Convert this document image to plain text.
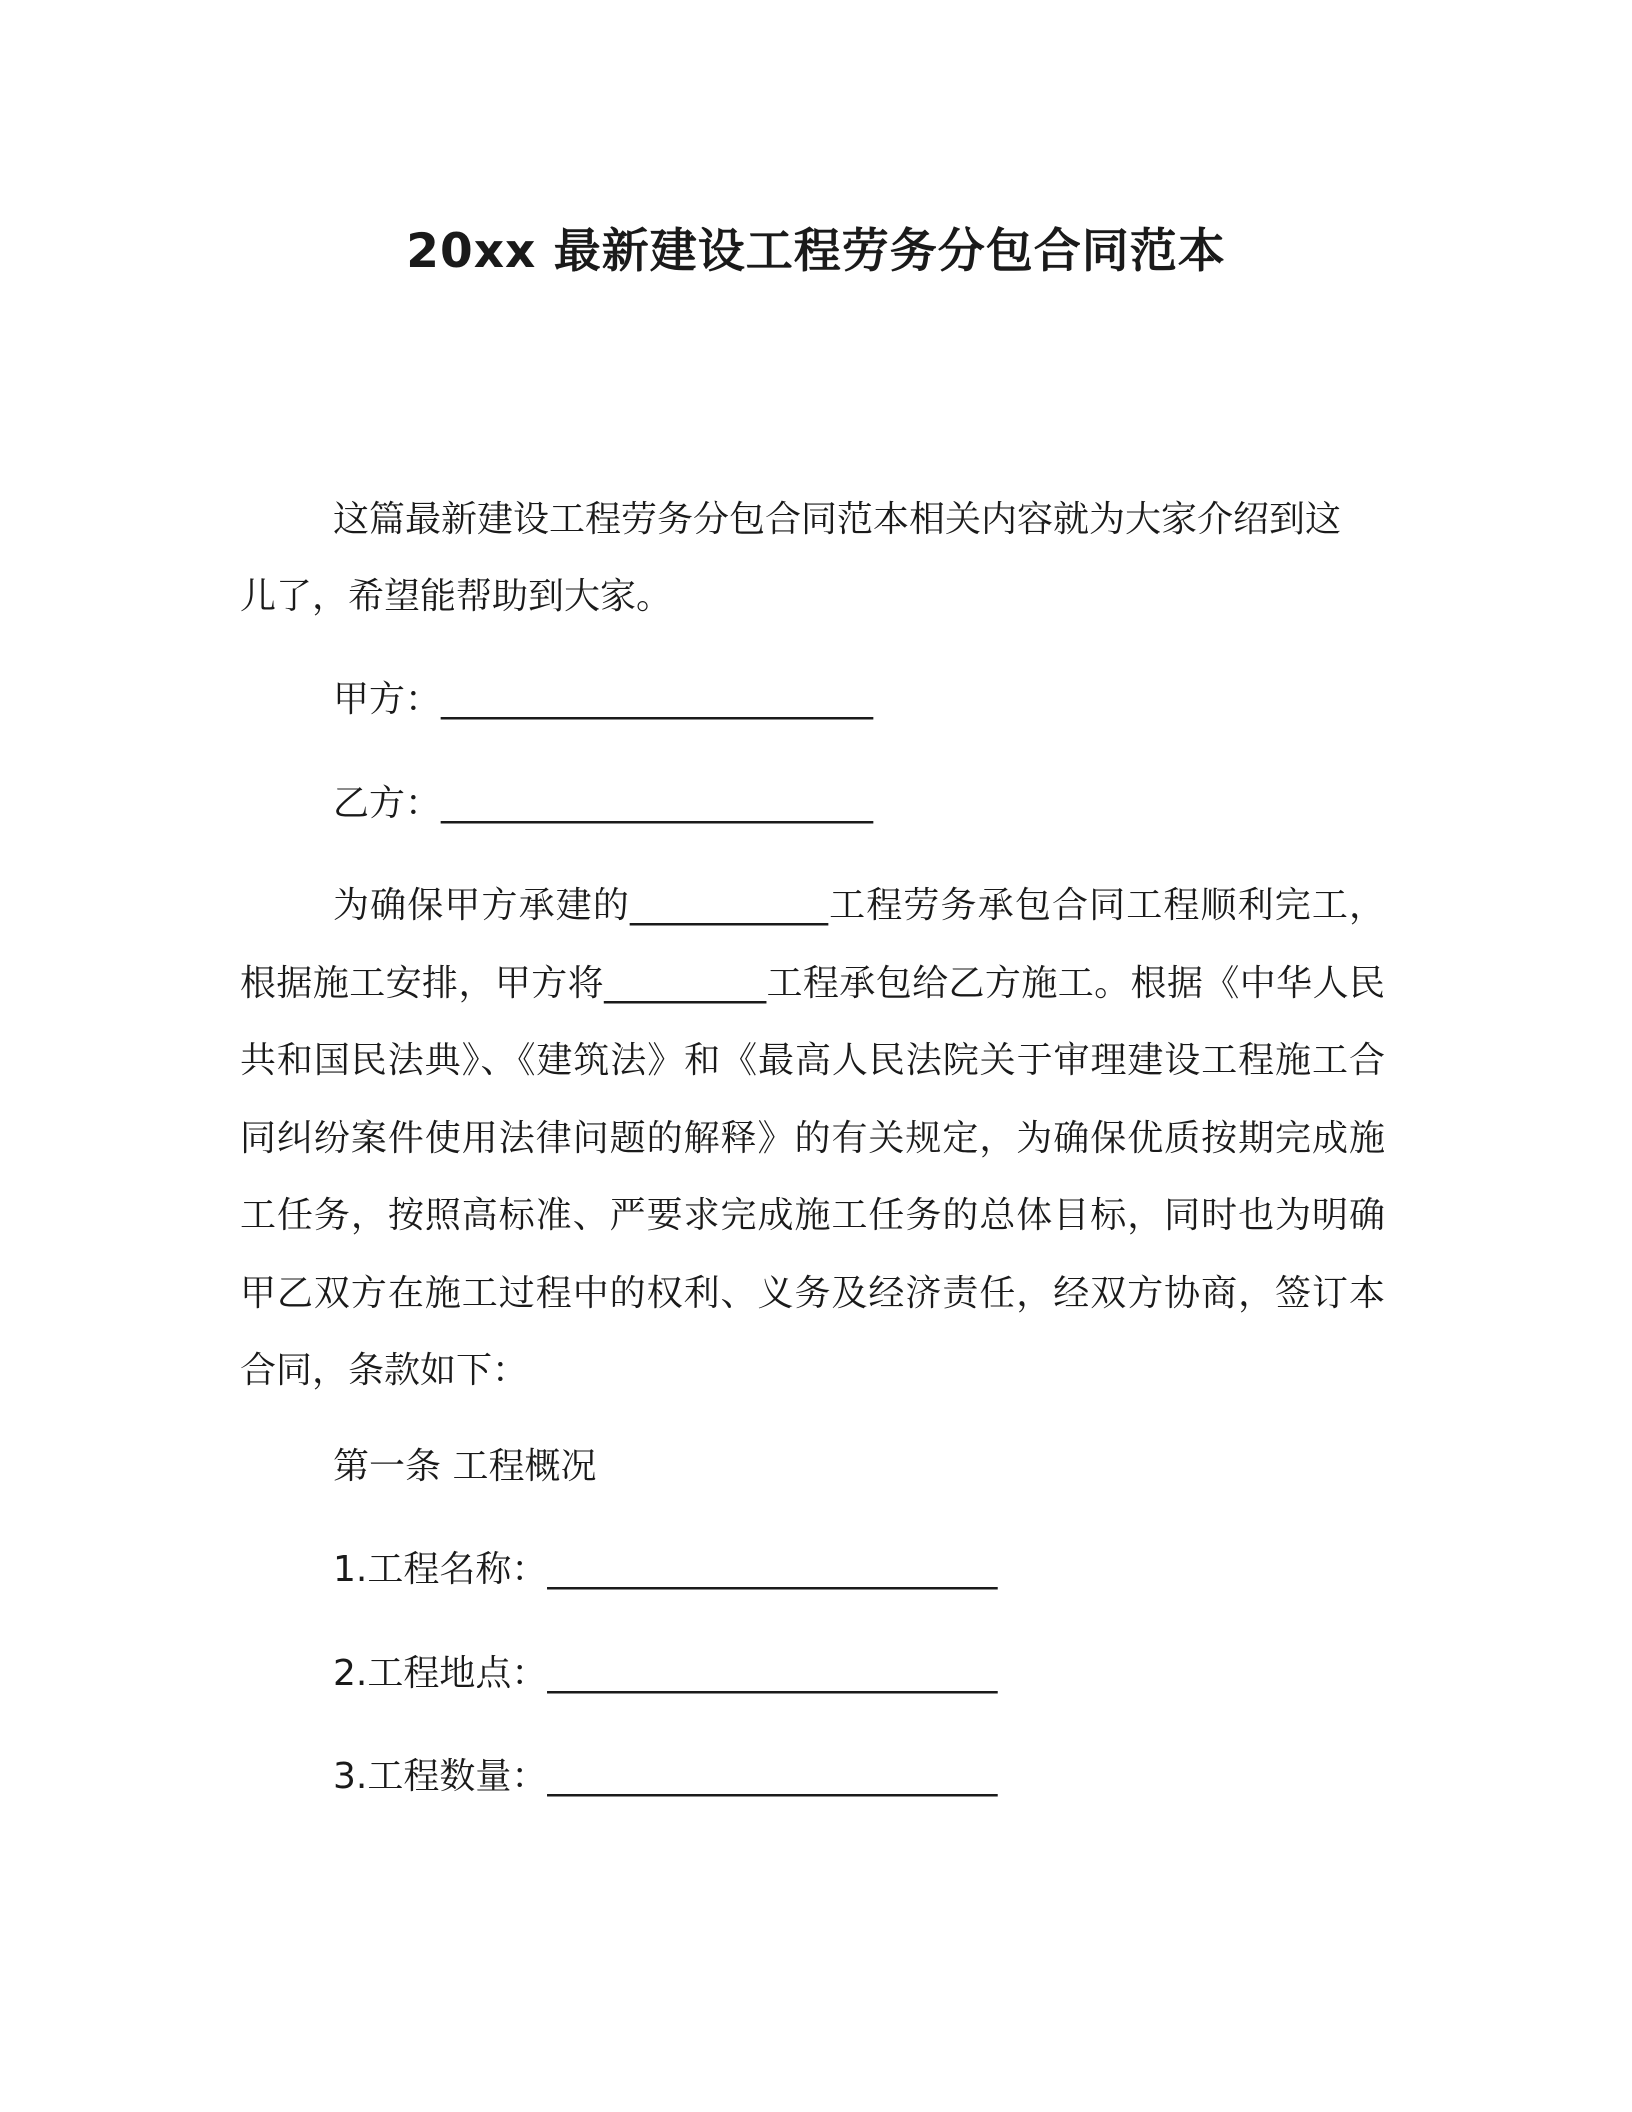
20xx 最新建设工程劳务分包合同范本
这篇最新建设工程劳务分包合同范本相关内容就为大家介绍到这
儿了，希望能帮助到大家。
甲方：________________________
乙方：________________________
为确保甲方承建的___________工程劳务承包合同工程顺利完工，根据施工安排，甲方将_________工程承包给乙方施工。根据《中华人民共和国民法典》、《建筑法》和《最高人民法院关于审理建设工程施工合同纠纷案件使用法律问题的解释》的有关规定，为确保优质按期完成施工任务，按照高标准、严要求完成施工任务的总体目标，同时也为明确甲乙双方在施工过程中的权利、义务及经济责任，经双方协商，签订本合同，条款如下：
第一条 工程概况
1.工程名称：_________________________
2.工程地点：_________________________
3.工程数量：_________________________
